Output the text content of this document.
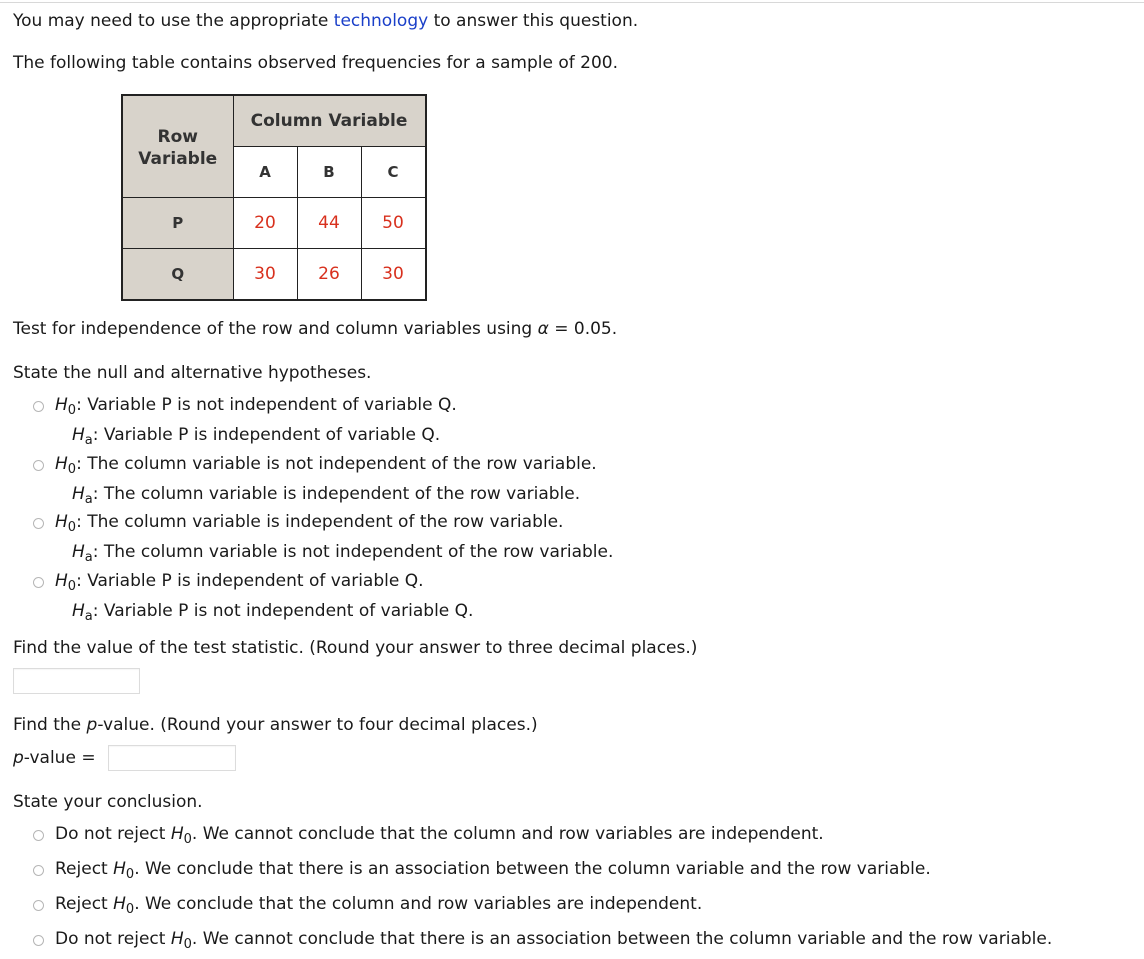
You may need to use the appropriate technology to answer this question.
The following table contains observed frequencies for a sample of 200.
Row
Variable	Column Variable		
	A	B	C
P	20	44	50
Q	30	26	30
Test for independence of the row and column variables using α = 0.05.
State the null and alternative hypotheses.
$H_0$: Variable P is not independent of variable Q.
$H_a$: Variable P is independent of variable Q.
$H_0$: The column variable is not independent of the row variable.
$H_a$: The column variable is independent of the row variable.
$H_0$: The column variable is independent of the row variable.
$H_a$: The column variable is not independent of the row variable.
$H_0$: Variable P is independent of variable Q.
$H_a$: Variable P is not independent of variable Q.
Find the value of the test statistic. (Round your answer to three decimal places.)
Find the p-value. (Round your answer to four decimal places.)
p-value =
State your conclusion.
Do not reject $H_0$. We cannot conclude that the column and row variables are independent.
Reject $H_0$. We conclude that there is an association between the column variable and the row variable.
Reject $H_0$. We conclude that the column and row variables are independent.
Do not reject $H_0$. We cannot conclude that there is an association between the column variable and the row variable.
